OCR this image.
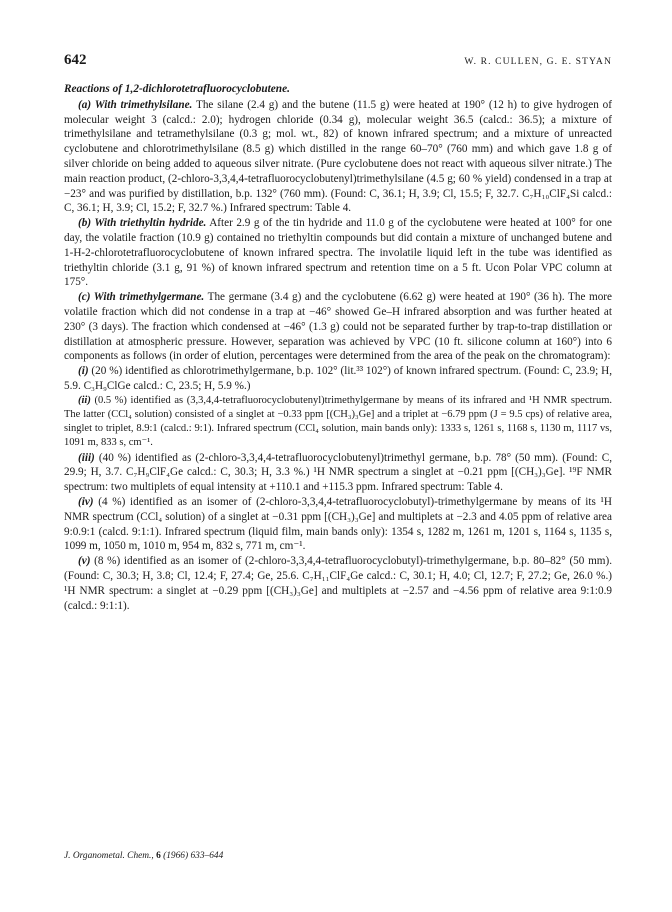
642	W. R. CULLEN, G. E. STYAN
Reactions of 1,2-dichlorotetrafluorocyclobutene.

(a) With trimethylsilane. The silane (2.4 g) and the butene (11.5 g) were heated at 190° (12 h) to give hydrogen of molecular weight 3 (calcd.: 2.0); hydrogen chloride (0.34 g), molecular weight 36.5 (calcd.: 36.5); a mixture of trimethylsilane and tetramethylsilane (0.3 g; mol. wt., 82) of known infrared spectrum; and a mixture of unreacted cyclobutene and chlorotrimethylsilane (8.5 g) which distilled in the range 60–70° (760 mm) and which gave 1.8 g of silver chloride on being added to aqueous silver nitrate. (Pure cyclobutene does not react with aqueous silver nitrate.) The main reaction product, (2-chloro-3,3,4,4-tetrafluorocyclobutenyl)trimethylsilane (4.5 g; 60 % yield) condensed in a trap at −23° and was purified by distillation, b.p. 132° (760 mm). (Found: C, 36.1; H, 3.9; Cl, 15.5; F, 32.7. C₇H₁₀ClF₄Si calcd.: C, 36.1; H, 3.9; Cl, 15.2; F, 32.7 %.) Infrared spectrum: Table 4.

(b) With triethyltin hydride. After 2.9 g of the tin hydride and 11.0 g of the cyclobutene were heated at 100° for one day, the volatile fraction (10.9 g) contained no triethyltin compounds but did contain a mixture of unchanged butene and 1-H-2-chlorotetrafluorocyclobutene of known infrared spectra. The involatile liquid left in the tube was identified as triethyltin chloride (3.1 g, 91 %) of known infrared spectrum and retention time on a 5 ft. Ucon Polar VPC column at 175°.

(c) With trimethylgermane. The germane (3.4 g) and the cyclobutene (6.62 g) were heated at 190° (36 h). The more volatile fraction which did not condense in a trap at −46° showed Ge–H infrared absorption and was further heated at 230° (3 days). The fraction which condensed at −46° (1.3 g) could not be separated further by trap-to-trap distillation or distillation at atmospheric pressure. However, separation was achieved by VPC (10 ft. silicone column at 160°) into 6 components as follows (in order of elution, percentages were determined from the area of the peak on the chromatogram):

(i) (20 %) identified as chlorotrimethylgermane, b.p. 102° (lit.³³ 102°) of known infrared spectrum. (Found: C, 23.9; H, 5.9. C₃H₉ClGe calcd.: C, 23.5; H, 5.9 %.)

(ii) (0.5 %) identified as (3,3,4,4-tetrafluorocyclobutenyl)trimethylgermane by means of its infrared and ¹H NMR spectrum. The latter (CCl₄ solution) consisted of a singlet at −0.33 ppm [(CH₃)₃Ge] and a triplet at −6.79 ppm (J = 9.5 cps) of relative area, singlet to triplet, 8.9:1 (calcd.: 9:1). Infrared spectrum (CCl₄ solution, main bands only): 1333 s, 1261 s, 1168 s, 1130 m, 1117 vs, 1091 m, 833 s, cm⁻¹.

(iii) (40 %) identified as (2-chloro-3,3,4,4-tetrafluorocyclobutenyl)trimethyl germane, b.p. 78° (50 mm). (Found: C, 29.9; H, 3.7. C₇H₉ClF₄Ge calcd.: C, 30.3; H, 3.3 %.) ¹H NMR spectrum a singlet at −0.21 ppm [(CH₃)₃Ge]. ¹⁹F NMR spectrum: two multiplets of equal intensity at +110.1 and +115.3 ppm. Infrared spectrum: Table 4.

(iv) (4 %) identified as an isomer of (2-chloro-3,3,4,4-tetrafluorocyclobutyl)-trimethylgermane by means of its ¹H NMR spectrum (CCl₄ solution) of a singlet at −0.31 ppm [(CH₃)₃Ge] and multiplets at −2.3 and 4.05 ppm of relative area 9:0.9:1 (calcd. 9:1:1). Infrared spectrum (liquid film, main bands only): 1354 s, 1282 m, 1261 m, 1201 s, 1164 s, 1135 s, 1099 m, 1050 m, 1010 m, 954 m, 832 s, 771 m, cm⁻¹.

(v) (8 %) identified as an isomer of (2-chloro-3,3,4,4-tetrafluorocyclobutyl)-trimethylgermane, b.p. 80–82° (50 mm). (Found: C, 30.3; H, 3.8; Cl, 12.4; F, 27.4; Ge, 25.6. C₇H₁₁ClF₄Ge calcd.: C, 30.1; H, 4.0; Cl, 12.7; F, 27.2; Ge, 26.0 %.) ¹H NMR spectrum: a singlet at −0.29 ppm [(CH₃)₃Ge] and multiplets at −2.57 and −4.56 ppm of relative area 9:1:0.9 (calcd.: 9:1:1).

J. Organometal. Chem., 6 (1966) 633–644
